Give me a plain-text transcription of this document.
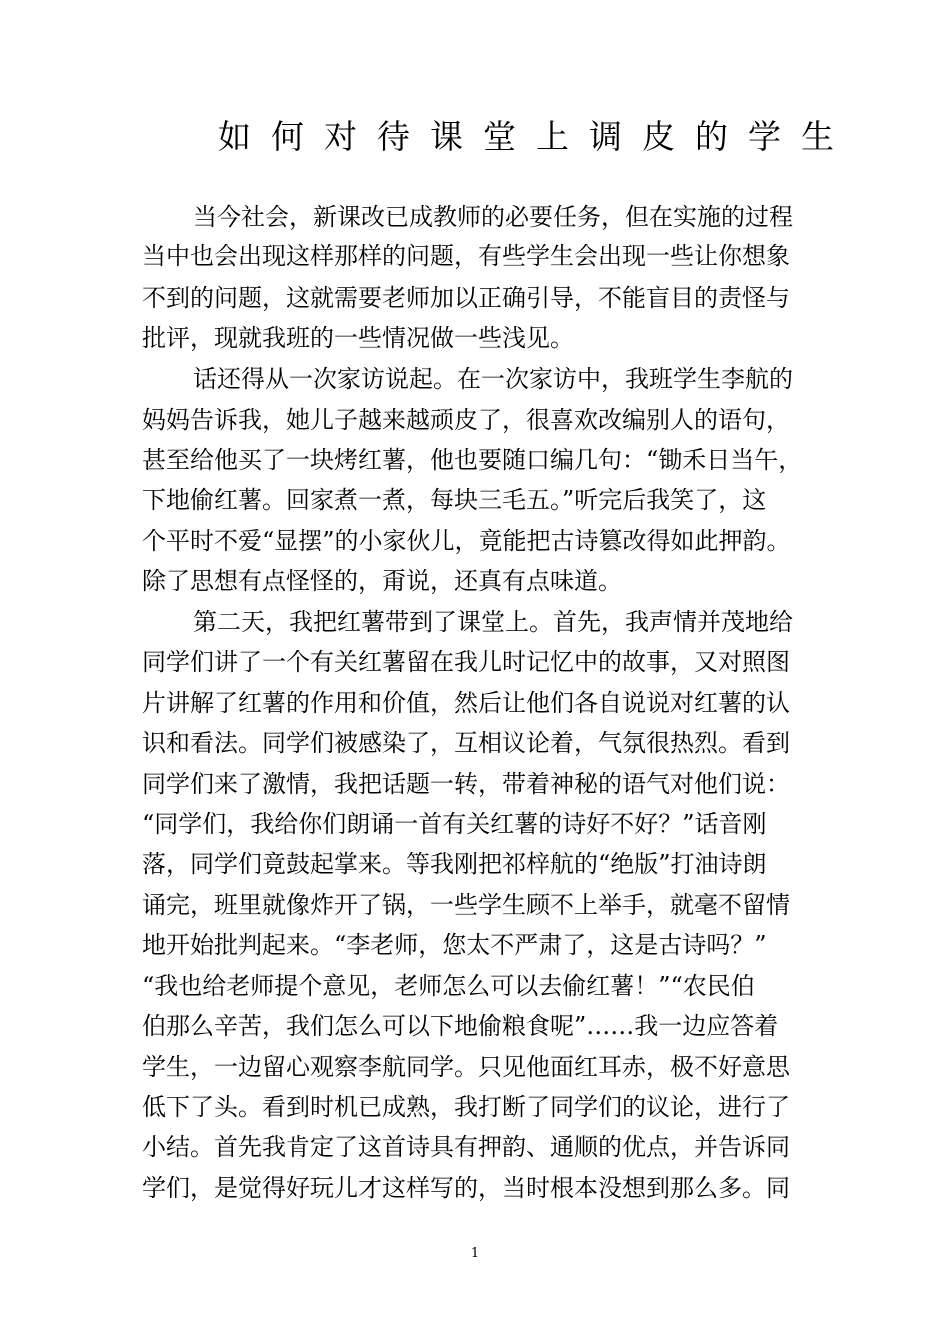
如何对待课堂上调皮的学生
当今社会，新课改已成教师的必要任务，但在实施的过程
当中也会出现这样那样的问题，有些学生会出现一些让你想象
不到的问题，这就需要老师加以正确引导，不能盲目的责怪与
批评，现就我班的一些情况做一些浅见。
话还得从一次家访说起。在一次家访中，我班学生李航的
妈妈告诉我，她儿子越来越顽皮了，很喜欢改编别人的语句，
甚至给他买了一块烤红薯，他也要随口编几句：“锄禾日当午，
下地偷红薯。回家煮一煮，每块三毛五。”听完后我笑了，这
个平时不爱“显摆”的小家伙儿，竟能把古诗篡改得如此押韵。
除了思想有点怪怪的，甭说，还真有点味道。
第二天，我把红薯带到了课堂上。首先，我声情并茂地给
同学们讲了一个有关红薯留在我儿时记忆中的故事，又对照图
片讲解了红薯的作用和价值，然后让他们各自说说对红薯的认
识和看法。同学们被感染了，互相议论着，气氛很热烈。看到
同学们来了激情，我把话题一转，带着神秘的语气对他们说：
“同学们，我给你们朗诵一首有关红薯的诗好不好？”话音刚
落，同学们竟鼓起掌来。等我刚把祁梓航的“绝版”打油诗朗
诵完，班里就像炸开了锅，一些学生顾不上举手，就毫不留情
地开始批判起来。“李老师，您太不严肃了，这是古诗吗？”
“我也给老师提个意见，老师怎么可以去偷红薯！”“农民伯
伯那么辛苦，我们怎么可以下地偷粮食呢”……我一边应答着
学生，一边留心观察李航同学。只见他面红耳赤，极不好意思
低下了头。看到时机已成熟，我打断了同学们的议论，进行了
小结。首先我肯定了这首诗具有押韵、通顺的优点，并告诉同
学们，是觉得好玩儿才这样写的，当时根本没想到那么多。同
1
